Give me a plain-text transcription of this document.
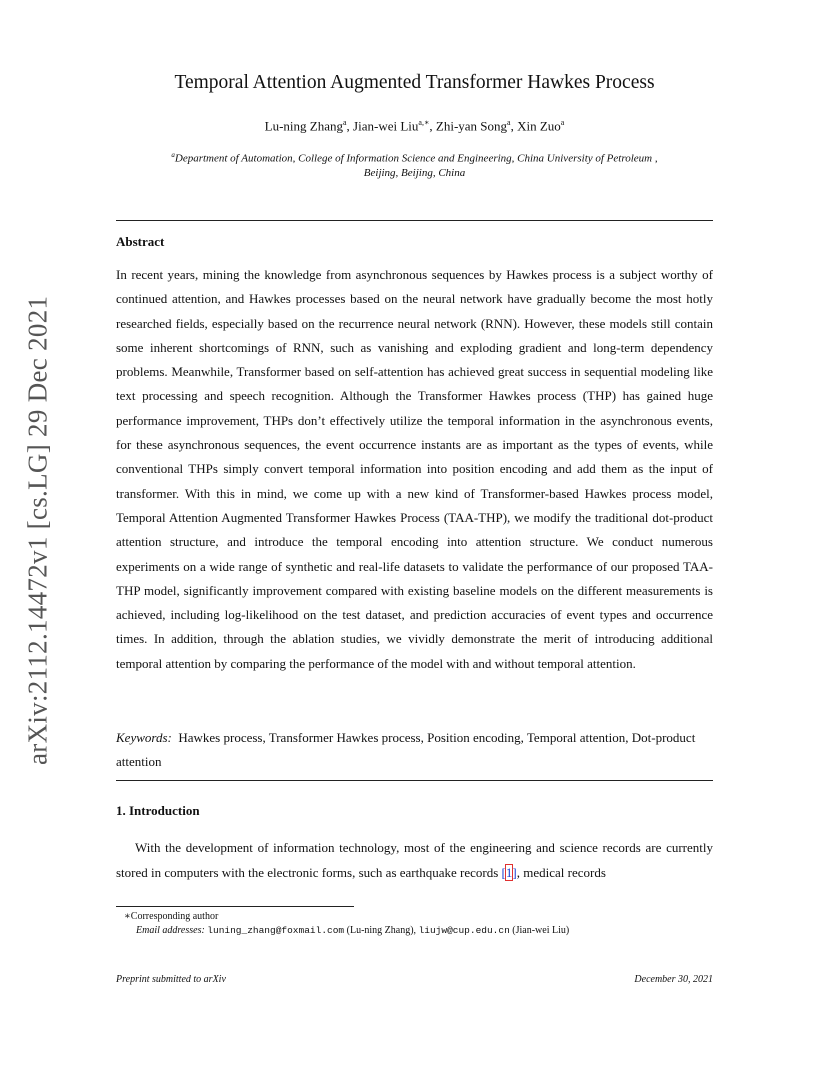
arXiv:2112.14472v1 [cs.LG] 29 Dec 2021
Temporal Attention Augmented Transformer Hawkes Process
Lu-ning Zhang$^a$, Jian-wei Liu$^{a,∗}$, Zhi-yan Song$^a$, Xin Zuo$^a$
$^a$Department of Automation, College of Information Science and Engineering, China University of Petroleum ,
Beijing, Beijing, China
Abstract
In recent years, mining the knowledge from asynchronous sequences by Hawkes process is a subject worthy of continued attention, and Hawkes processes based on the neural network have gradually become the most hotly researched fields, especially based on the recurrence neural network (RNN). However, these models still contain some inherent shortcomings of RNN, such as vanishing and exploding gradient and long-term dependency problems. Meanwhile, Transformer based on self-attention has achieved great success in sequential modeling like text processing and speech recognition. Although the Transformer Hawkes process (THP) has gained huge performance improvement, THPs don’t effectively utilize the temporal information in the asynchronous events, for these asynchronous sequences, the event occurrence instants are as important as the types of events, while conventional THPs simply convert temporal information into position encoding and add them as the input of transformer. With this in mind, we come up with a new kind of Transformer-based Hawkes process model, Temporal Attention Augmented Transformer Hawkes Process (TAA-THP), we modify the traditional dot-product attention structure, and introduce the temporal encoding into attention structure. We conduct numerous experiments on a wide range of synthetic and real-life datasets to validate the performance of our proposed TAA-THP model, significantly improvement compared with existing baseline models on the different measurements is achieved, including log-likelihood on the test dataset, and prediction accuracies of event types and occurrence times. In addition, through the ablation studies, we vividly demonstrate the merit of introducing additional temporal attention by comparing the performance of the model with and without temporal attention.
Keywords: Hawkes process, Transformer Hawkes process, Position encoding, Temporal attention, Dot-product attention
1. Introduction
With the development of information technology, most of the engineering and science records are currently stored in computers with the electronic forms, such as earthquake records [1], medical records
∗Corresponding author
Email addresses: luning_zhang@foxmail.com (Lu-ning Zhang), liujw@cup.edu.cn (Jian-wei Liu)
Preprint submitted to arXiv	December 30, 2021
